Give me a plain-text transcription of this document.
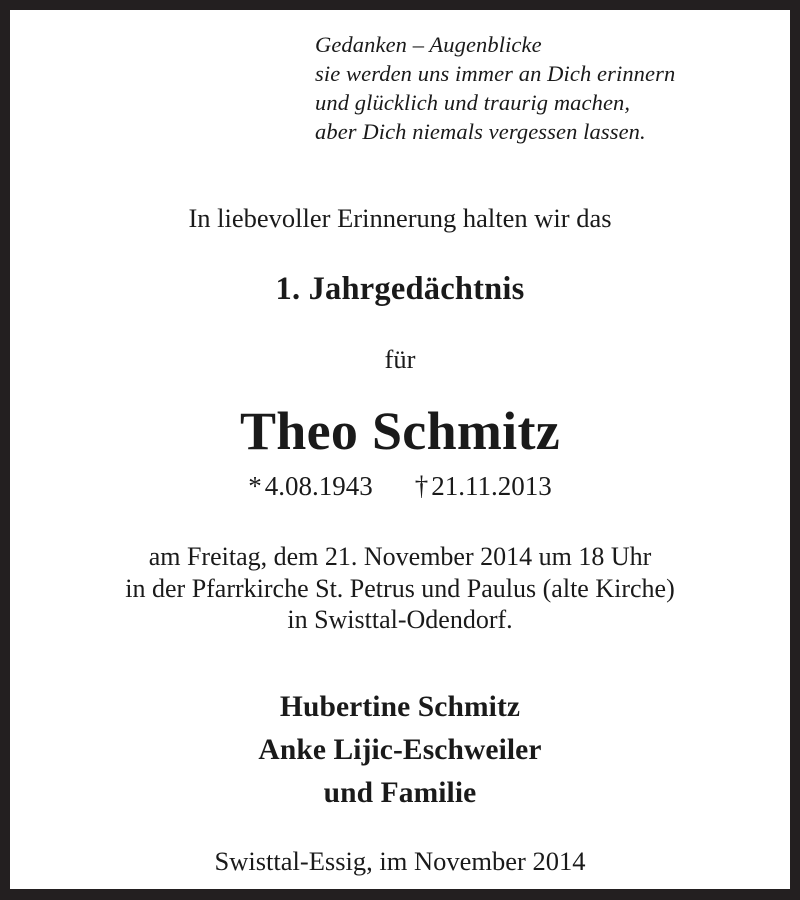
Gedanken – Augenblicke
sie werden uns immer an Dich erinnern
und glücklich und traurig machen,
aber Dich niemals vergessen lassen.
In liebevoller Erinnerung halten wir das
1. Jahrgedächtnis
für
Theo Schmitz
* 4.08.1943 † 21.11.2013
am Freitag, dem 21. November 2014 um 18 Uhr
in der Pfarrkirche St. Petrus und Paulus (alte Kirche)
in Swisttal-Odendorf.
Hubertine Schmitz
Anke Lijic-Eschweiler
und Familie
Swisttal-Essig, im November 2014
